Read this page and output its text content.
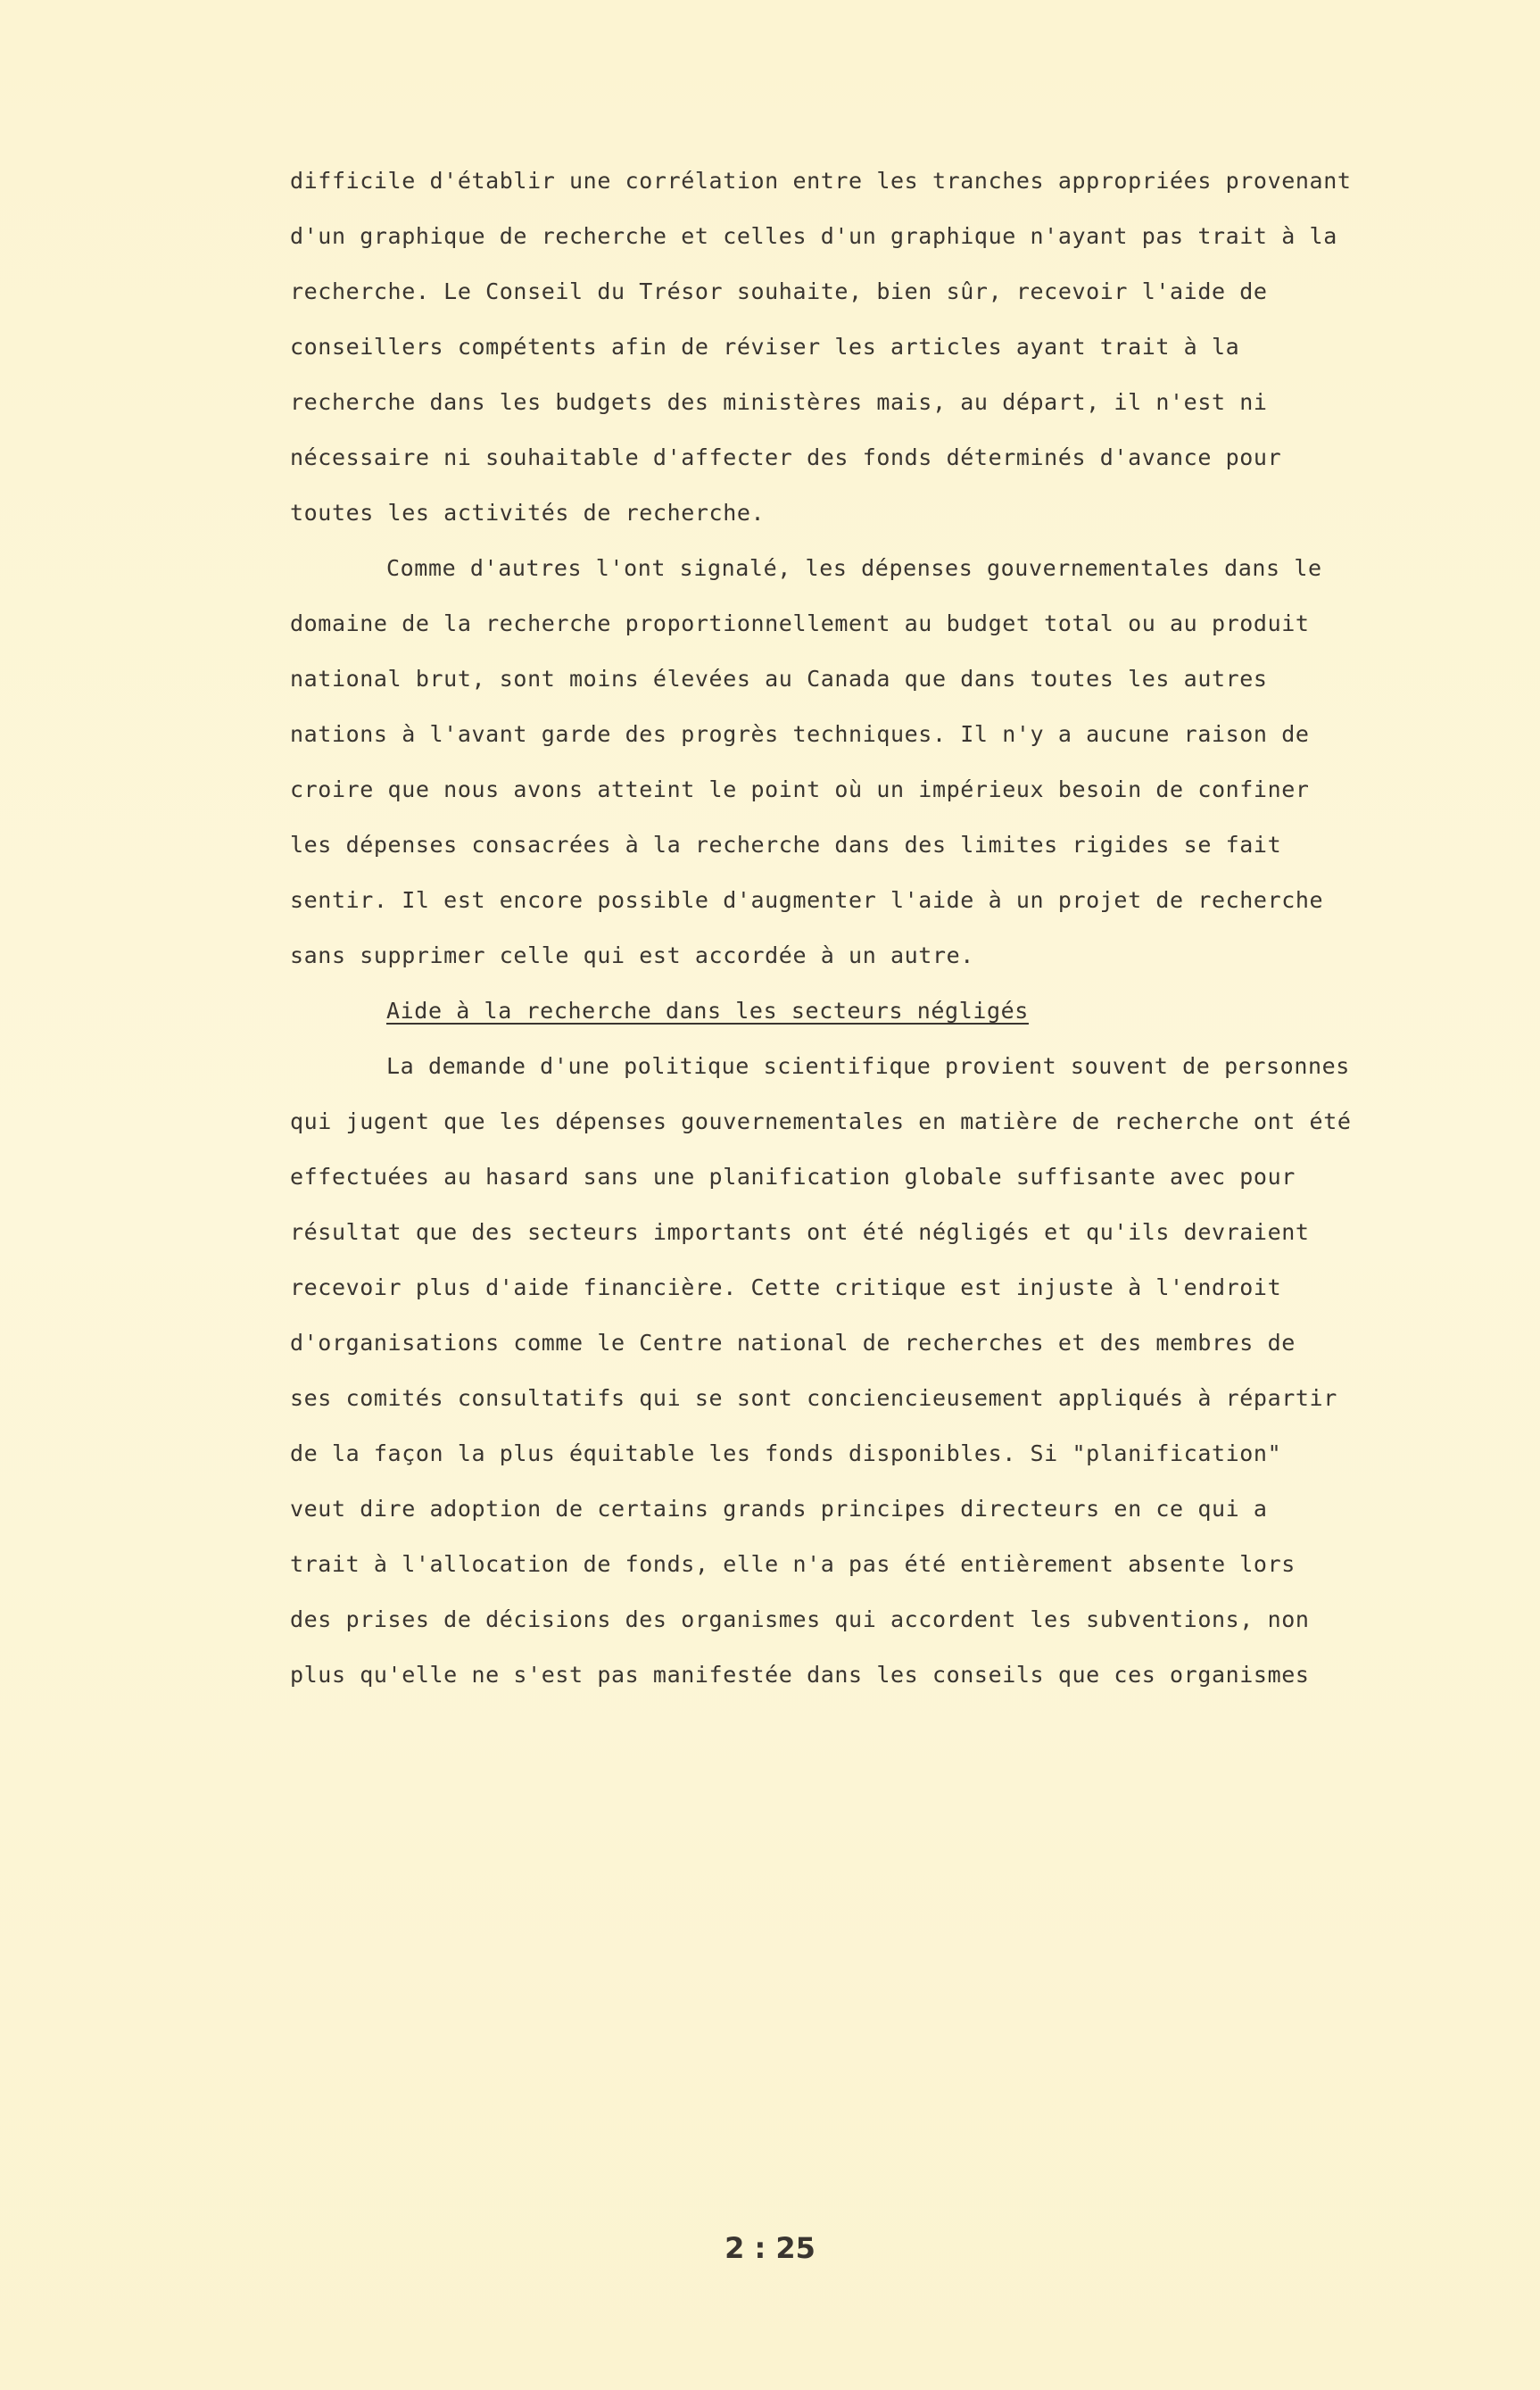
difficile d'établir une corrélation entre les tranches appropriées provenant
d'un graphique de recherche et celles d'un graphique n'ayant pas trait à la
recherche. Le Conseil du Trésor souhaite, bien sûr, recevoir l'aide de
conseillers compétents afin de réviser les articles ayant trait à la
recherche dans les budgets des ministères mais, au départ, il n'est ni
nécessaire ni souhaitable d'affecter des fonds déterminés d'avance pour
toutes les activités de recherche.
Comme d'autres l'ont signalé, les dépenses gouvernementales dans le
domaine de la recherche proportionnellement au budget total ou au produit
national brut, sont moins élevées au Canada que dans toutes les autres
nations à l'avant garde des progrès techniques. Il n'y a aucune raison de
croire que nous avons atteint le point où un impérieux besoin de confiner
les dépenses consacrées à la recherche dans des limites rigides se fait
sentir. Il est encore possible d'augmenter l'aide à un projet de recherche
sans supprimer celle qui est accordée à un autre.
Aide à la recherche dans les secteurs négligés
La demande d'une politique scientifique provient souvent de personnes
qui jugent que les dépenses gouvernementales en matière de recherche ont été
effectuées au hasard sans une planification globale suffisante avec pour
résultat que des secteurs importants ont été négligés et qu'ils devraient
recevoir plus d'aide financière. Cette critique est injuste à l'endroit
d'organisations comme le Centre national de recherches et des membres de
ses comités consultatifs qui se sont conciencieusement appliqués à répartir
de la façon la plus équitable les fonds disponibles. Si "planification"
veut dire adoption de certains grands principes directeurs en ce qui a
trait à l'allocation de fonds, elle n'a pas été entièrement absente lors
des prises de décisions des organismes qui accordent les subventions, non
plus qu'elle ne s'est pas manifestée dans les conseils que ces organismes
2 : 25
